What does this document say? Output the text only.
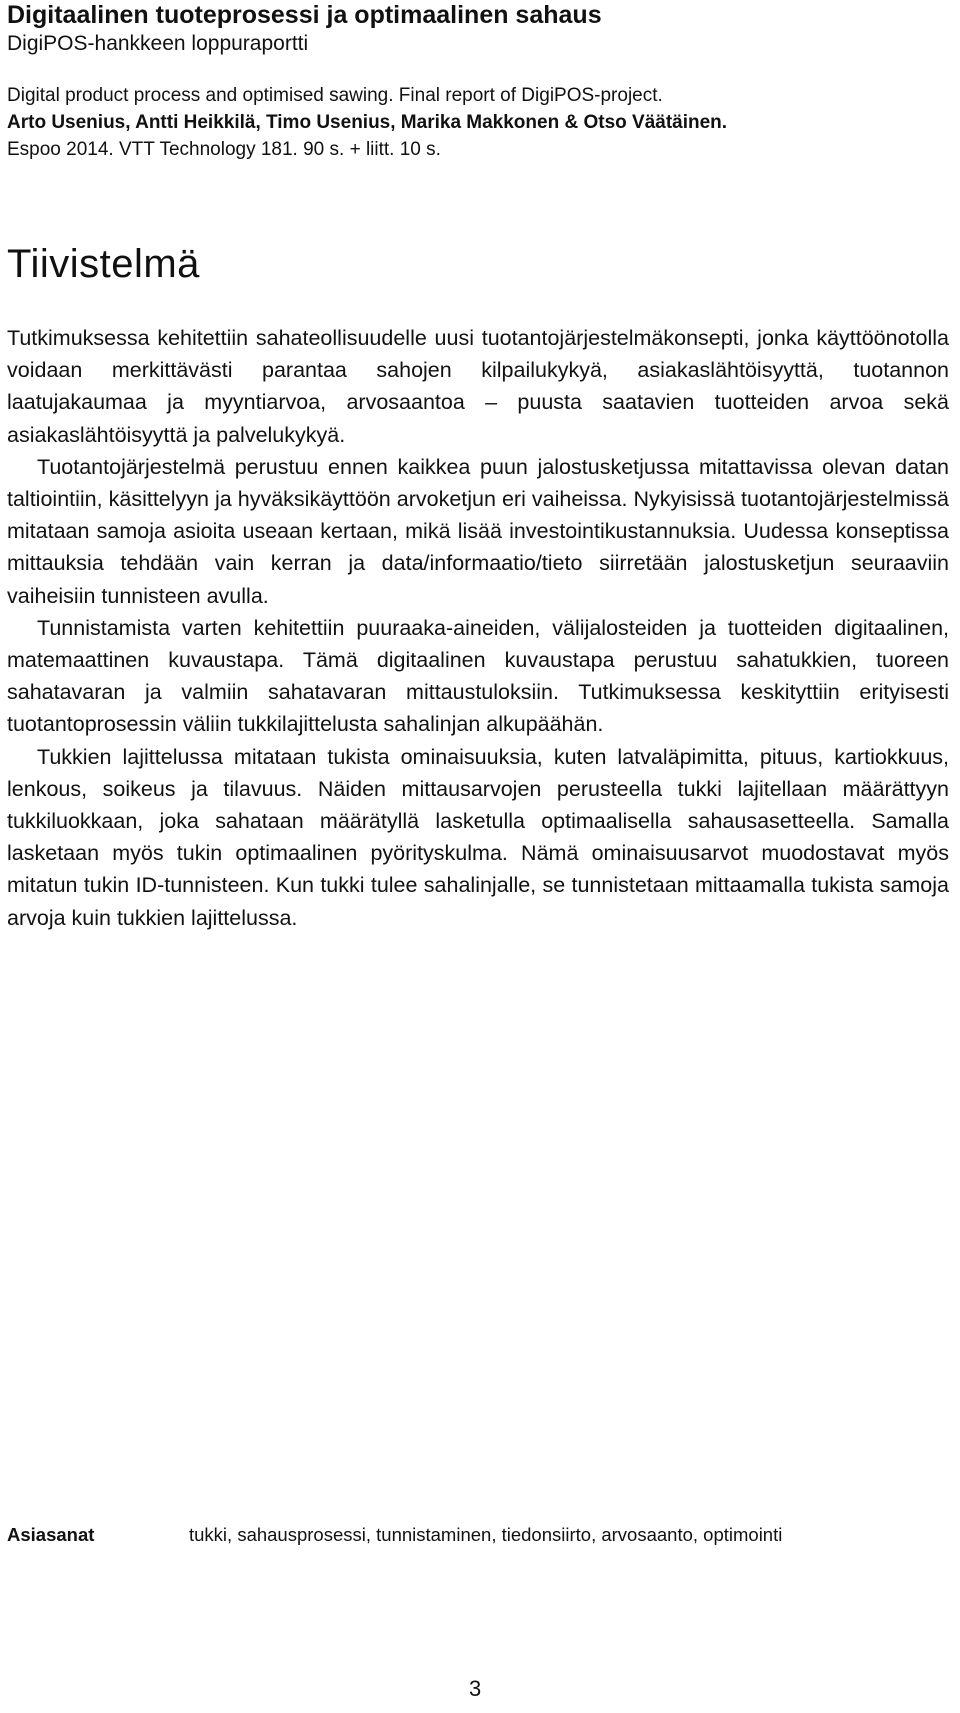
Digitaalinen tuoteprosessi ja optimaalinen sahaus

DigiPOS-hankkeen loppuraportti

Digital product process and optimised sawing. Final report of DigiPOS-project.
Arto Usenius, Antti Heikkilä, Timo Usenius, Marika Makkonen & Otso Väätäinen.
Espoo 2014. VTT Technology 181. 90 s. + liitt. 10 s.
Tiivistelmä

Tutkimuksessa kehitettiin sahateollisuudelle uusi tuotantojärjestelmäkonsepti, jonka käyttöönotolla voidaan merkittävästi parantaa sahojen kilpailukykyä, asiakaslähtöisyyttä, tuotannon laatujakaumaa ja myyntiarvoa, arvosaantoa – puusta saatavien tuotteiden arvoa sekä asiakaslähtöisyyttä ja palvelukykyä.

Tuotantojärjestelmä perustuu ennen kaikkea puun jalostusketjussa mitattavissa olevan datan taltiointiin, käsittelyyn ja hyväksikäyttöön arvoketjun eri vaiheissa. Nykyisissä tuotantojärjestelmissä mitataan samoja asioita useaan kertaan, mikä lisää investointikustannuksia. Uudessa konseptissa mittauksia tehdään vain kerran ja data/informaatio/tieto siirretään jalostusketjun seuraaviin vaiheisiin tunnisteen avulla.

Tunnistamista varten kehitettiin puuraaka-aineiden, välijalosteiden ja tuotteiden digitaalinen, matemaattinen kuvaustapa. Tämä digitaalinen kuvaustapa perustuu sahatukkien, tuoreen sahatavaran ja valmiin sahatavaran mittaustuloksiin. Tutkimuksessa keskityttiin erityisesti tuotantoprosessin väliin tukkilajittelusta sahalinjan alkupäähän.

Tukkien lajittelussa mitataan tukista ominaisuuksia, kuten latvaläpimitta, pituus, kartiokkuus, lenkous, soikeus ja tilavuus. Näiden mittausarvojen perusteella tukki lajitellaan määrättyyn tukkiluokkaan, joka sahataan määrätyllä lasketulla optimaalisella sahausasetteella. Samalla lasketaan myös tukin optimaalinen pyörityskulma. Nämä ominaisuusarvot muodostavat myös mitatun tukin ID-tunnisteen. Kun tukki tulee sahalinjalle, se tunnistetaan mittaamalla tukista samoja arvoja kuin tukkien lajittelussa.

Asiasanat	tukki, sahausprosessi, tunnistaminen, tiedonsiirto, arvosaanto, optimointi
3
